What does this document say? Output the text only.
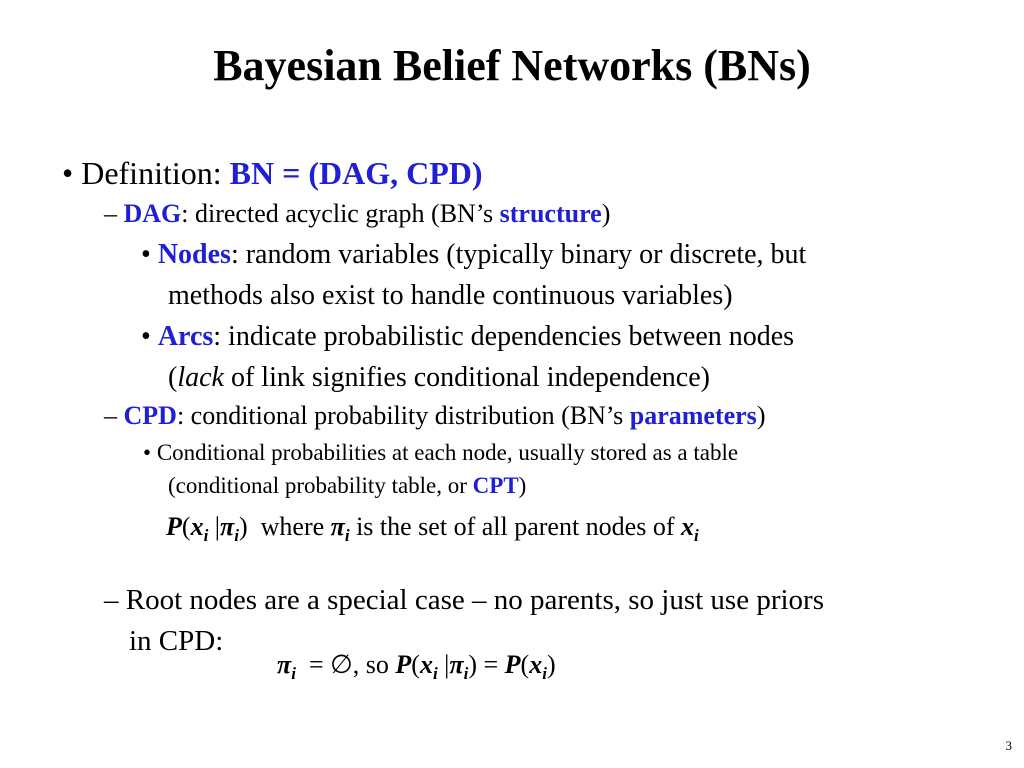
Bayesian Belief Networks (BNs)
• Definition: BN = (DAG, CPD)
– DAG: directed acyclic graph (BN’s structure)
• Nodes: random variables (typically binary or discrete, but
methods also exist to handle continuous variables)
• Arcs: indicate probabilistic dependencies between nodes
(lack of link signifies conditional independence)
– CPD: conditional probability distribution (BN’s parameters)
• Conditional probabilities at each node, usually stored as a table
(conditional probability table, or CPT)
$P(x_i$ $|\pi_i$)  where $\pi_i$ is the set of all parent nodes of $x_i$
– Root nodes are a special case – no parents, so just use priors
in CPD:
$\pi_i$  = ∅, so $P(x_i$ $|\pi_i) = P(x_i)$
3
